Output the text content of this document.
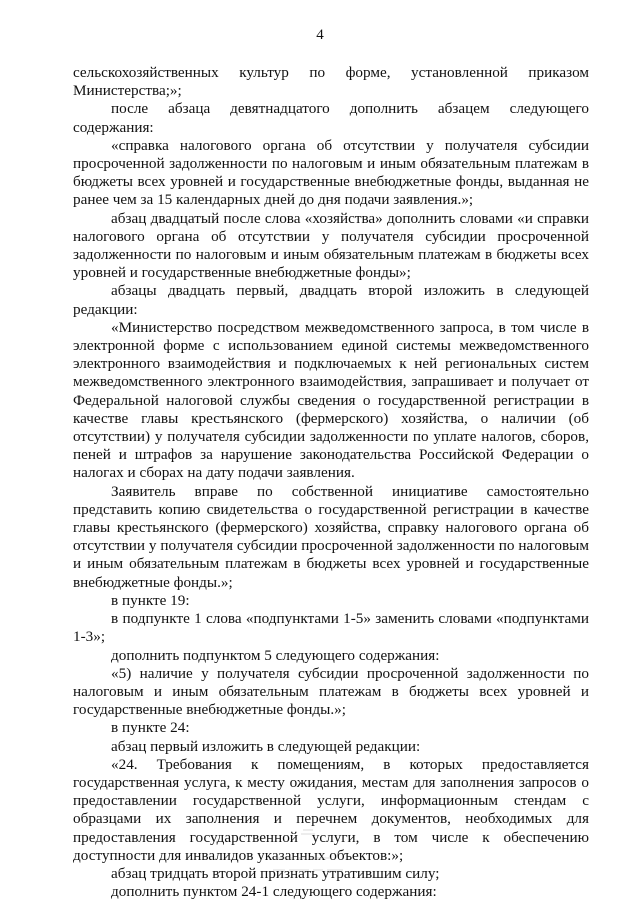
4

сельскохозяйственных культур по форме, установленной приказом Министерства;»;

после абзаца девятнадцатого дополнить абзацем следующего содержания:

«справка налогового органа об отсутствии у получателя субсидии просроченной задолженности по налоговым и иным обязательным платежам в бюджеты всех уровней и государственные внебюджетные фонды, выданная не ранее чем за 15 календарных дней до дня подачи заявления.»;

абзац двадцатый после слова «хозяйства» дополнить словами «и справки налогового органа об отсутствии у получателя субсидии просроченной задолженности по налоговым и иным обязательным платежам в бюджеты всех уровней и государственные внебюджетные фонды»;

абзацы двадцать первый, двадцать второй изложить в следующей редакции:

«Министерство посредством межведомственного запроса, в том числе в электронной форме с использованием единой системы межведомственного электронного взаимодействия и подключаемых к ней региональных систем межведомственного электронного взаимодействия, запрашивает и получает от Федеральной налоговой службы сведения о государственной регистрации в качестве главы крестьянского (фермерского) хозяйства, о наличии (об отсутствии) у получателя субсидии задолженности по уплате налогов, сборов, пеней и штрафов за нарушение законодательства Российской Федерации о налогах и сборах на дату подачи заявления.

Заявитель вправе по собственной инициативе самостоятельно представить копию свидетельства о государственной регистрации в качестве главы крестьянского (фермерского) хозяйства, справку налогового органа об отсутствии у получателя субсидии просроченной задолженности по налоговым и иным обязательным платежам в бюджеты всех уровней и государственные внебюджетные фонды.»;

в пункте 19:

в подпункте 1 слова «подпунктами 1-5» заменить словами «подпунктами 1-3»;

дополнить подпунктом 5 следующего содержания:

«5) наличие у получателя субсидии просроченной задолженности по налоговым и иным обязательным платежам в бюджеты всех уровней и государственные внебюджетные фонды.»;

в пункте 24:

абзац первый изложить в следующей редакции:

«24. Требования к помещениям, в которых предоставляется государственная услуга, к месту ожидания, местам для заполнения запросов о предоставлении государственной услуги, информационным стендам с образцами их заполнения и перечнем документов, необходимых для предоставления государственной услуги, в том числе к обеспечению доступности для инвалидов указанных объектов:»;

абзац тридцать второй признать утратившим силу;

дополнить пунктом 24-1 следующего содержания:
